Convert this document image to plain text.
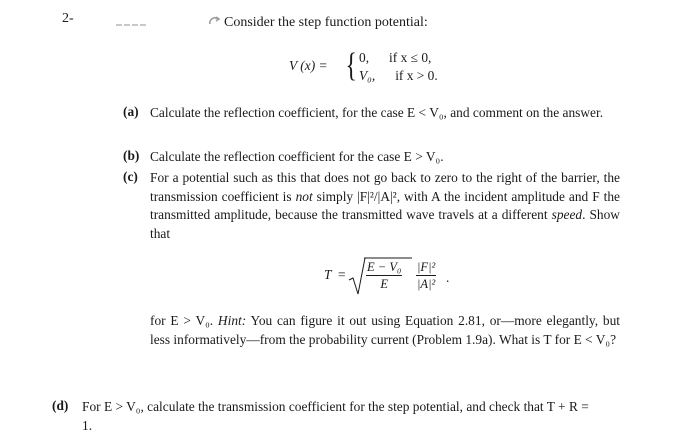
2-	Consider the step function potential:
V (x) = { 0, if x ≤ 0,
V₀, if x > 0.
(a) Calculate the reflection coefficient, for the case E < V₀, and comment on the answer.
(b) Calculate the reflection coefficient for the case E > V₀.
(c) For a potential such as this that does not go back to zero to the right of the barrier, the transmission coefficient is not simply |F|²/|A|², with A the incident amplitude and F the transmitted amplitude, because the transmitted wave travels at a different speed. Show that
$T = \frac{\text{E − V₀}}{E} \frac{\text{|F|²}}{\text{|A|²}}$ .
for E > V₀. Hint: You can figure it out using Equation 2.81, or—more elegantly, but less informatively—from the probability current (Problem 1.9a). What is T for E < V₀?
(d) For E > V₀, calculate the transmission coefficient for the step potential, and check that T + R = 1.
